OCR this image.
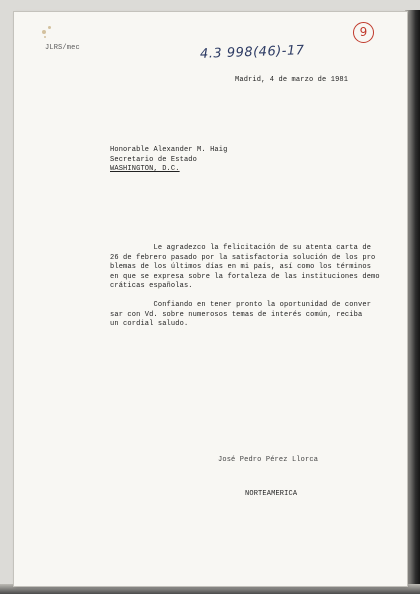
JLRS/mec	4.3 998(46)-17
9
Madrid, 4 de marzo de 1981
Honorable Alexander M. Haig
Secretario de Estado
WASHINGTON, D.C.
Le agradezco la felicitación de su atenta carta de
26 de febrero pasado por la satisfactoria solución de los pro
blemas de los últimos días en mi país, así como los términos
en que se expresa sobre la fortaleza de las instituciones demo
cráticas españolas.
Confiando en tener pronto la oportunidad de conver
sar con Vd. sobre numerosos temas de interés común, reciba
un cordial saludo.
José Pedro Pérez Llorca
NORTEAMERICA
